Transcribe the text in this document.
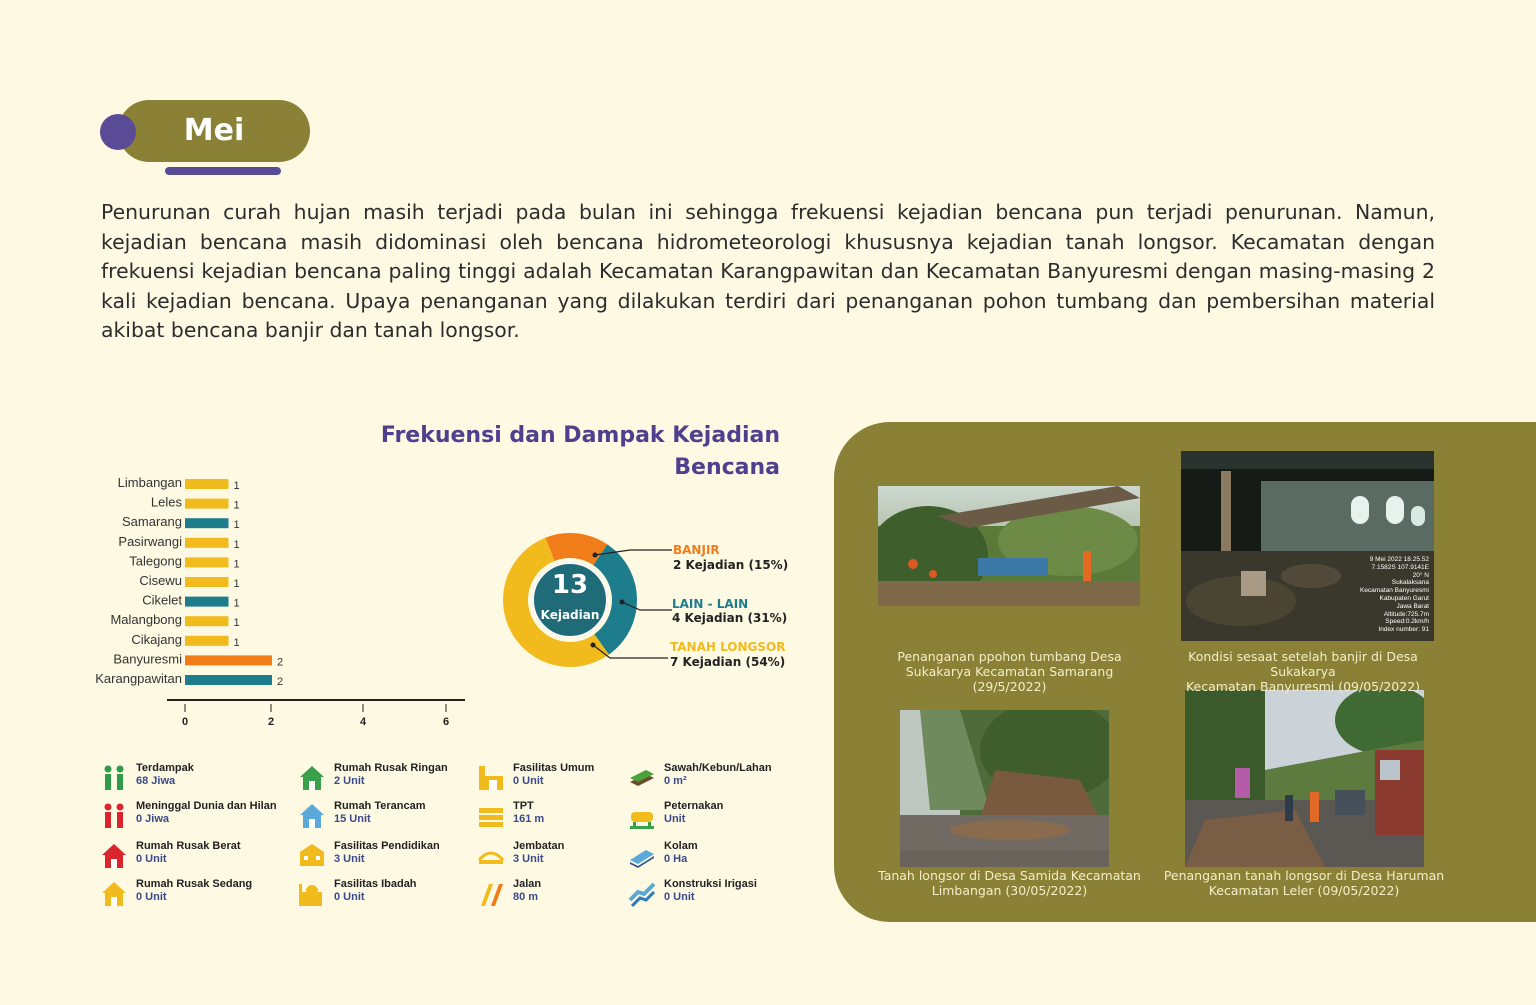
Mei

Penurunan curah hujan masih terjadi pada bulan ini sehingga frekuensi kejadian bencana pun terjadi penurunan. Namun, kejadian bencana masih didominasi oleh bencana hidrometeorologi khususnya kejadian tanah longsor. Kecamatan dengan frekuensi kejadian bencana paling tinggi adalah Kecamatan Karangpawitan dan Kecamatan Banyuresmi dengan masing-masing 2 kali kejadian bencana. Upaya penanganan yang dilakukan terdiri dari penanganan pohon tumbang dan pembersihan material akibat bencana banjir dan tanah longsor.

Frekuensi dan Dampak Kejadian Bencana
Limbangan	1
Leles	1
Samarang	1
Pasirwangi	1
Talegong	1
Cisewu	1
Cikelet	1
Malangbong	1
Cikajang	1
Banyuresmi	2
Karangpawitan	2
0	2	4	6
13
Kejadian
BANJIR
2 Kejadian (15%)
LAIN - LAIN
4 Kejadian (31%)
TANAH LONGSOR
7 Kejadian (54%)
Terdampak
68 Jiwa
Meninggal Dunia dan Hilan
0 Jiwa
Rumah Rusak Berat
0 Unit
Rumah Rusak Sedang
0 Unit
Rumah Rusak Ringan
2 Unit
Rumah Terancam
15 Unit
Fasilitas Pendidikan
3 Unit
Fasilitas Ibadah
0 Unit
Fasilitas Umum
0 Unit
TPT
161 m
Jembatan
3 Unit
Jalan
80 m
Sawah/Kebun/Lahan
0 m²
Peternakan
Unit
Kolam
0 Ha
Konstruksi Irigasi
0 Unit
9 Mei 2022 18.25.52
7.1582S 107.9141E
20° N
Sukalaksana
Kecamatan Banyuresmi
Kabupaten Garut
Jawa Barat
Altitude:725.7m
Speed:0.2km/h
Index number: 91
Penanganan ppohon tumbang Desa
Sukakarya Kecamatan Samarang (29/5/2022)
Kondisi sesaat setelah banjir di Desa Sukakarya
Kecamatan Banyuresmi (09/05/2022)
Tanah longsor di Desa Samida Kecamatan
Limbangan (30/05/2022)
Penanganan tanah longsor di Desa Haruman
Kecamatan Leler (09/05/2022)
